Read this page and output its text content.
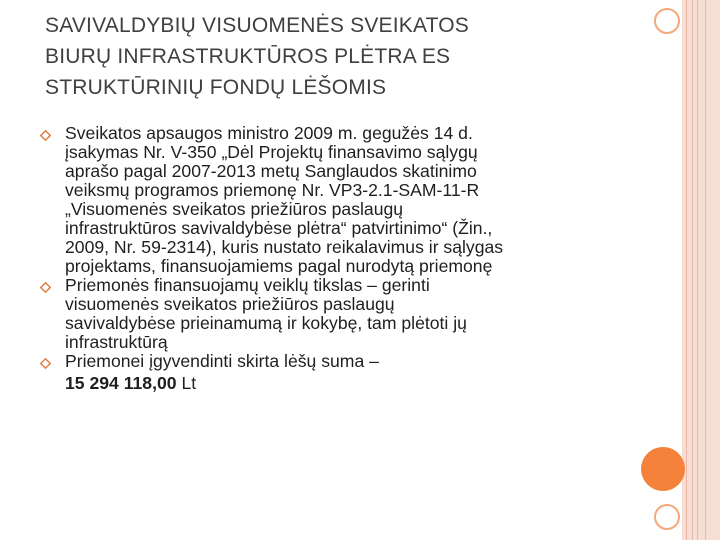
SAVIVALDYBIŲ VISUOMENĖS SVEIKATOS
BIURŲ INFRASTRUKTŪROS PLĖTRA ES
STRUKTŪRINIŲ FONDŲ LĖŠOMIS
Sveikatos apsaugos ministro 2009 m. gegužės 14 d.
įsakymas Nr. V-350 „Dėl Projektų finansavimo sąlygų
aprašo pagal 2007-2013 metų Sanglaudos skatinimo
veiksmų programos priemonę Nr. VP3-2.1-SAM-11-R
„Visuomenės sveikatos priežiūros paslaugų
infrastruktūros savivaldybėse plėtra“ patvirtinimo“ (Žin.,
2009, Nr. 59-2314), kuris nustato reikalavimus ir sąlygas
projektams, finansuojamiems pagal nurodytą priemonę
Priemonės finansuojamų veiklų tikslas – gerinti
visuomenės sveikatos priežiūros paslaugų
savivaldybėse prieinamumą ir kokybę, tam plėtoti jų
infrastruktūrą
Priemonei įgyvendinti skirta lėšų suma –
15 294 118,00 Lt
